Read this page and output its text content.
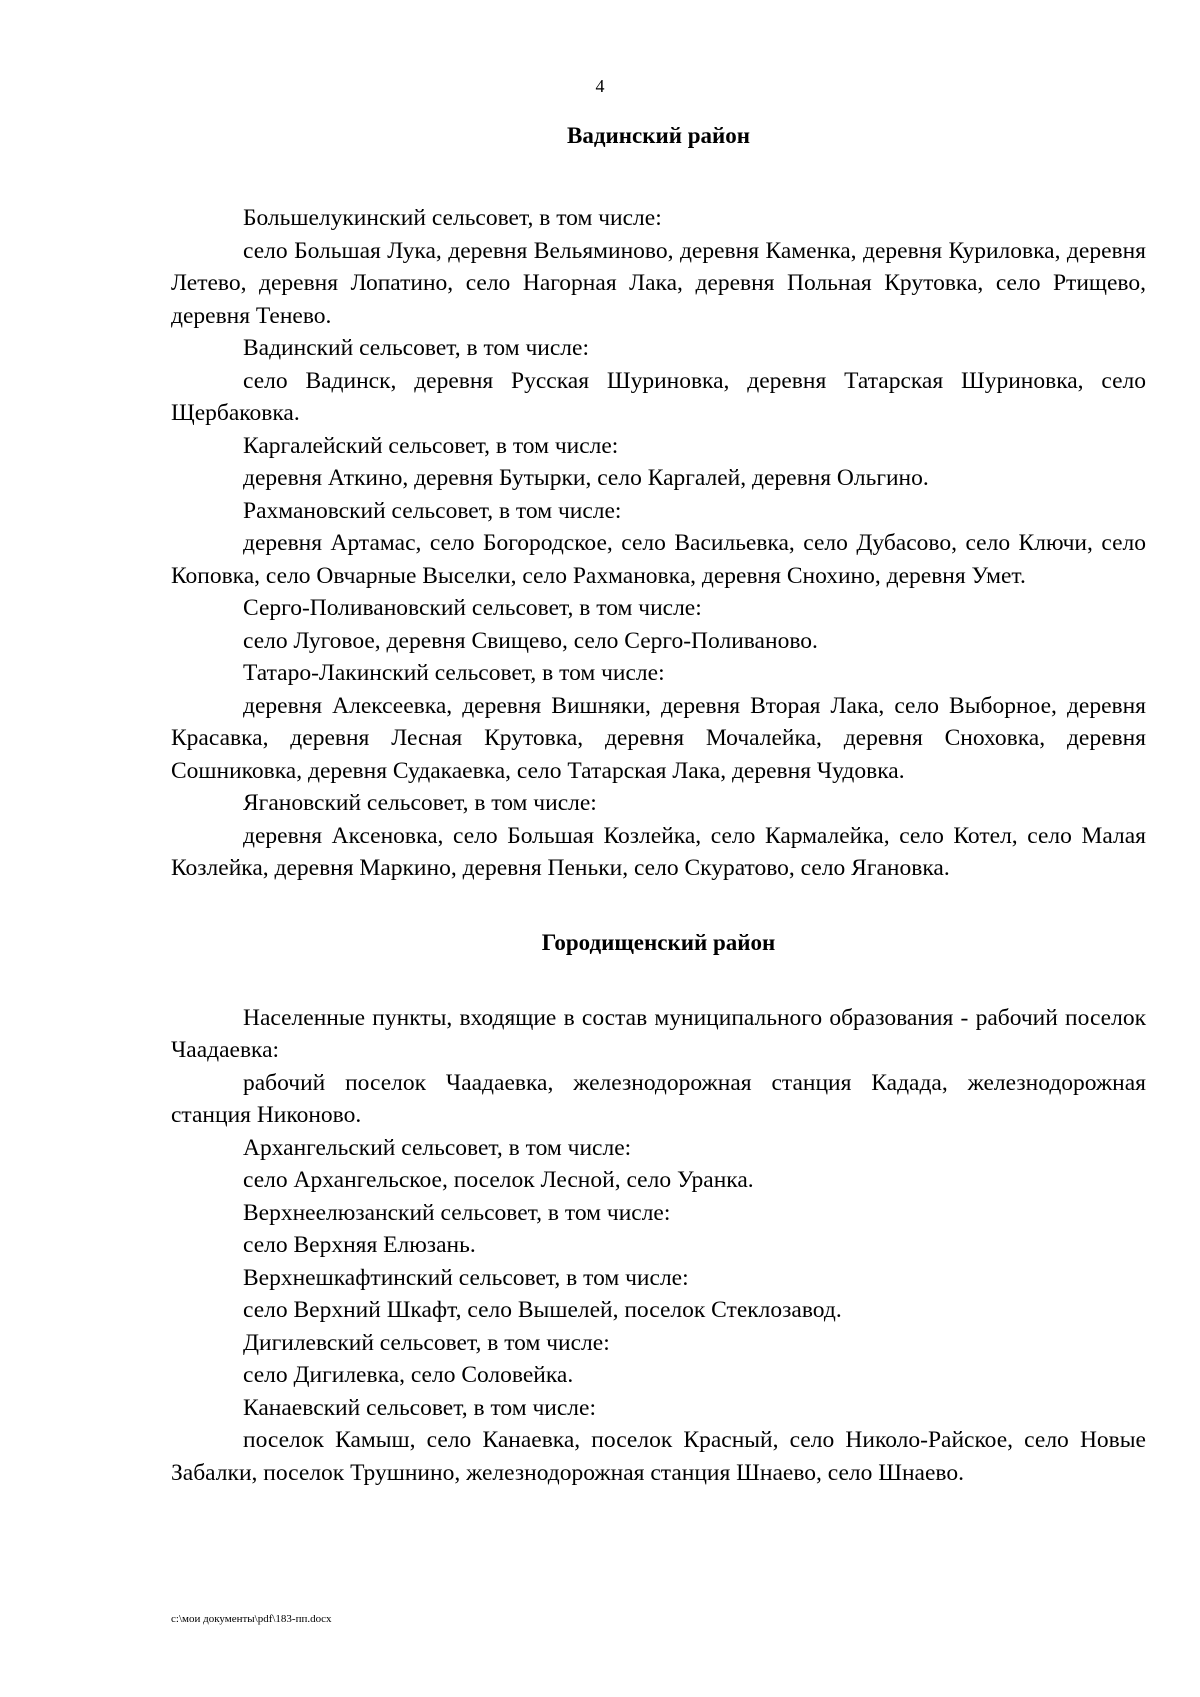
4
Вадинский район

Большелукинский сельсовет, в том числе:

село Большая Лука, деревня Вельяминово, деревня Каменка, деревня Куриловка, деревня Летево, деревня Лопатино, село Нагорная Лака, деревня Польная Крутовка, село Ртищево, деревня Тенево.

Вадинский сельсовет, в том числе:

село Вадинск, деревня Русская Шуриновка, деревня Татарская Шуриновка, село Щербаковка.

Каргалейский сельсовет, в том числе:

деревня Аткино, деревня Бутырки, село Каргалей, деревня Ольгино.

Рахмановский сельсовет, в том числе:

деревня Артамас, село Богородское, село Васильевка, село Дубасово, село Ключи, село Коповка, село Овчарные Выселки, село Рахмановка, деревня Снохино, деревня Умет.

Серго-Поливановский сельсовет, в том числе:

село Луговое, деревня Свищево, село Серго-Поливаново.

Татаро-Лакинский сельсовет, в том числе:

деревня Алексеевка, деревня Вишняки, деревня Вторая Лака, село Выборное, деревня Красавка, деревня Лесная Крутовка, деревня Мочалейка, деревня Сноховка, деревня Сошниковка, деревня Судакаевка, село Татарская Лака, деревня Чудовка.

Ягановский сельсовет, в том числе:

деревня Аксеновка, село Большая Козлейка, село Кармалейка, село Котел, село Малая Козлейка, деревня Маркино, деревня Пеньки, село Скуратово, село Ягановка.

Городищенский район

Населенные пункты, входящие в состав муниципального образования - рабочий поселок Чаадаевка:

рабочий поселок Чаадаевка, железнодорожная станция Кадада, железнодорожная станция Никоново.

Архангельский сельсовет, в том числе:

село Архангельское, поселок Лесной, село Уранка.

Верхнеелюзанский сельсовет, в том числе:

село Верхняя Елюзань.

Верхнешкафтинский сельсовет, в том числе:

село Верхний Шкафт, село Вышелей, поселок Стеклозавод.

Дигилевский сельсовет, в том числе:

село Дигилевка, село Соловейка.

Канаевский сельсовет, в том числе:

поселок Камыш, село Канаевка, поселок Красный, село Николо-Райское, село Новые Забалки, поселок Трушнино, железнодорожная станция Шнаево, село Шнаево.

c:\мои документы\pdf\183-пп.docx
